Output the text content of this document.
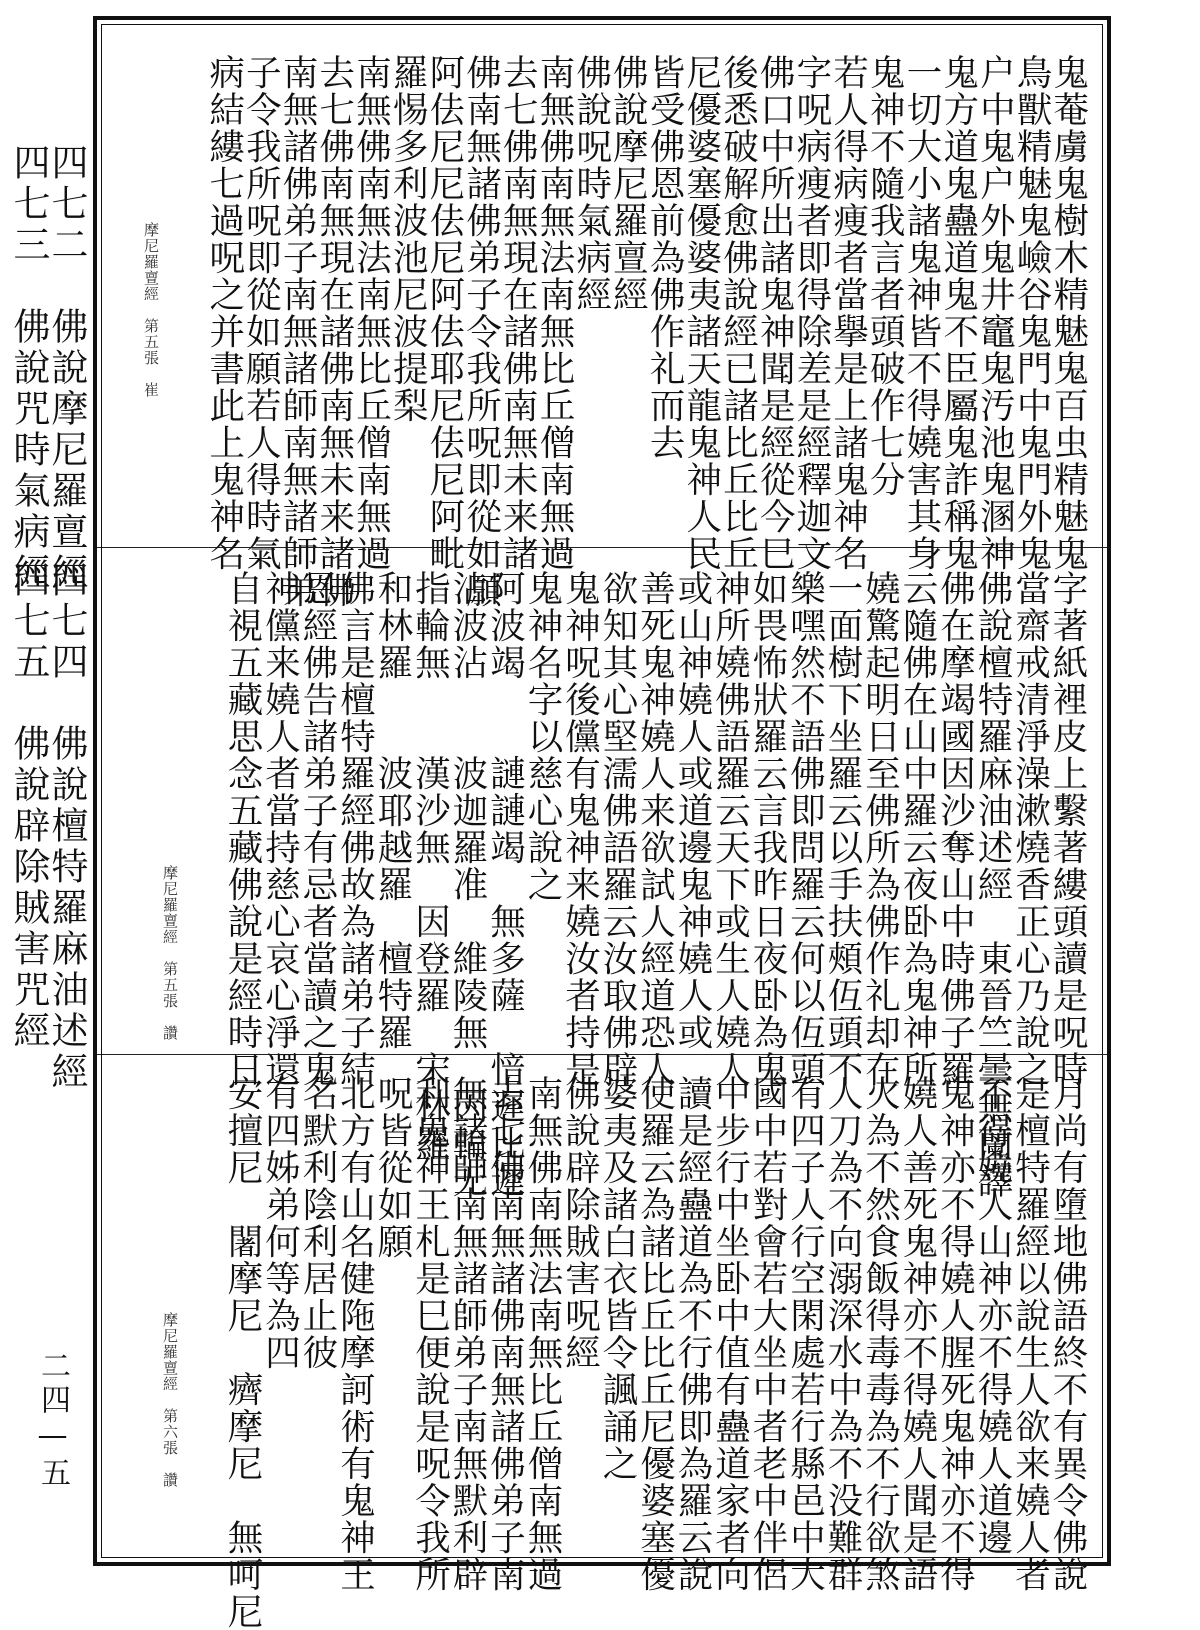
四七二　佛說摩尼羅亶經
四七三　佛說咒時氣病經
四七四　佛說檀特羅麻油述經
四七五　佛說辟除賊害咒經
二四—五
鬼菴虜鬼樹木精魅鬼百虫精魅鬼
鳥獸精魅鬼嶮谷鬼門中鬼門外鬼
户中鬼户外鬼井竈鬼汚池鬼溷神
鬼方道鬼蠱道鬼不臣屬鬼詐稱鬼
一切大小諸鬼神皆不得嬈害其身
鬼神不隨我言者頭破作七分
若人得病痩者當擧是上諸鬼神名
字呪病痩者即得除差是經釋迦文
佛口中所出諸鬼神聞是經從今巳
後悉破解愈佛說經已諸比丘比丘
尼優婆塞優婆夷諸天龍鬼神人民
皆受佛恩前為佛作礼而去
佛說摩尼羅亶經
佛說呪時氣病經
南無佛南無法南無比丘僧南無過
去七佛南無現在諸佛南無未来諸
佛南無諸佛弟子令我所呪即從如願
阿佉尼尼佉尼阿佉耶尼佉尼阿毗
羅惕多利波池尼波提梨
南無佛南無法南無比丘僧南無過
去七佛南無現在諸佛南無未来諸佛
南無諸佛弟子南無諸師南無諸師弟
子令我所呪即從如願若人得時氣
病結縷七過呪之并書此上鬼神名
摩尼羅亶經　第五張　崔
字著紙裡皮上繫著縷頭讀是呪時
當齋戒清淨澡漱燒香正心乃說之
佛說檀特羅麻油述經　東晉竺曇無蘭譯
佛在摩竭國因沙奪山中時佛子羅
云隨佛在山中羅云夜卧為鬼神所
嬈驚起明日至佛所為佛作礼却在
一面樹下坐羅云以手扶頰仾頭不
樂嘿然不語佛即問羅云何以仾頭
如畏怖狀羅云言我昨日夜卧為鬼
神所嬈佛語羅云天下或生人嬈人
或山神嬈人或道邊鬼神嬈人或
善死鬼神嬈人来欲試人經道恐人
欲知其心堅濡佛語羅云汝取佛辟
鬼神呪後儻有鬼神来嬈汝者持是
鬼神名字以慈心說之
阿波竭　　謰謰竭　無多薩　愔遲比遲
沾波沾　　波迦羅准　維陵無　因輪无
指輪無　　漢沙無　因登羅　宋林羅
和林羅　　波耶越羅　檀特羅
佛言是檀特羅經佛故為諸弟子結
恩經佛告諸弟子有忌者當讀之鬼
神儻来嬈人者當持慈心哀心淨還
自視五藏思念五藏佛說是經時日
摩尼羅亶經　第五張　讚
月尚有墮地佛語終不有異令佛說
是檀特羅經以說生人欲来嬈人者
不得嬈人山神亦不得嬈人道邊
鬼神亦不得嬈人腥死鬼神亦不得
嬈人善死鬼神亦不得嬈人聞是語
火為不然食飯得毒毒為不行欲煞
人刀為不向溺深水中為不没難群
有四子人行空閑處若行縣邑中大
國中若對會若大坐中者老中伴侶
中步行中坐卧中值有蠱道家者向
讀是經蠱道為不行佛即為羅云說
使羅云為諸比丘比丘尼優婆塞優
婆夷及諸白衣皆令諷誦之
佛說辟除賊害呪經
南無佛南無法南無比丘僧南無過
去七佛南無諸佛南無諸佛弟子南
無諸師南無諸師弟子南無默利辟
利鬼神王札是巳便說是呪令我所
呪皆從如願
北方有山名健陁摩訶術有鬼神王
名默利陰利居止彼
有四姊弟何等為四
安擅尼　闍摩尼　癠摩尼　無呵尼
摩尼羅亶經　第六張　讚
